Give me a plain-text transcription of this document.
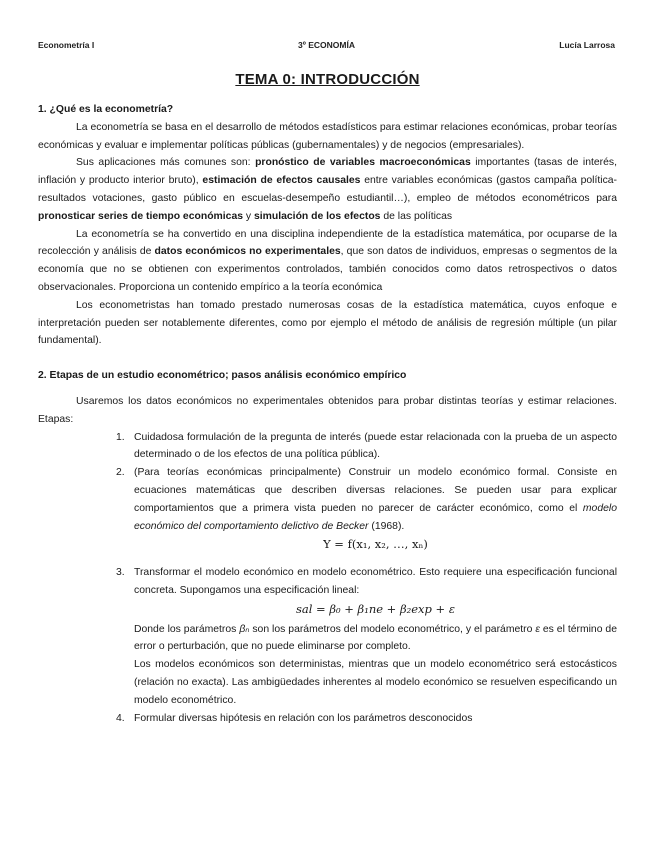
Econometría I	3º ECONOMÍA	Lucía Larrosa
TEMA 0: INTRODUCCIÓN

1. ¿Qué es la econometría?

La econometría se basa en el desarrollo de métodos estadísticos para estimar relaciones económicas, probar teorías económicas y evaluar e implementar políticas públicas (gubernamentales) y de negocios (empresariales).

Sus aplicaciones más comunes son: pronóstico de variables macroeconómicas importantes (tasas de interés, inflación y producto interior bruto), estimación de efectos causales entre variables económicas (gastos campaña política-resultados votaciones, gasto público en escuelas-desempeño estudiantil…), empleo de métodos econométricos para pronosticar series de tiempo económicas y simulación de los efectos de las políticas

La econometría se ha convertido en una disciplina independiente de la estadística matemática, por ocuparse de la recolección y análisis de datos económicos no experimentales, que son datos de individuos, empresas o segmentos de la economía que no se obtienen con experimentos controlados, también conocidos como datos retrospectivos o datos observacionales. Proporciona un contenido empírico a la teoría económica

Los econometristas han tomado prestado numerosas cosas de la estadística matemática, cuyos enfoque e interpretación pueden ser notablemente diferentes, como por ejemplo el método de análisis de regresión múltiple (un pilar fundamental).

2. Etapas de un estudio econométrico; pasos análisis económico empírico

Usaremos los datos económicos no experimentales obtenidos para probar distintas teorías y estimar relaciones. Etapas:

1. Cuidadosa formulación de la pregunta de interés (puede estar relacionada con la prueba de un aspecto determinado o de los efectos de una política pública).

2. (Para teorías económicas principalmente) Construir un modelo económico formal. Consiste en ecuaciones matemáticas que describen diversas relaciones. Se pueden usar para explicar comportamientos que a primera vista pueden no parecer de carácter económico, como el modelo económico del comportamiento delictivo de Becker (1968).

Y = f(x₁, x₂, …, xₙ)
3. Transformar el modelo económico en modelo econométrico. Esto requiere una especificación funcional concreta. Supongamos una especificación lineal:

sal = β₀ + β₁ne + β₂exp + ε

Donde los parámetros βₙ son los parámetros del modelo econométrico, y el parámetro ε es el término de error o perturbación, que no puede eliminarse por completo.

Los modelos económicos son deterministas, mientras que un modelo econométrico será estocásticos (relación no exacta). Las ambigüedades inherentes al modelo económico se resuelven especificando un modelo econométrico.

4. Formular diversas hipótesis en relación con los parámetros desconocidos
